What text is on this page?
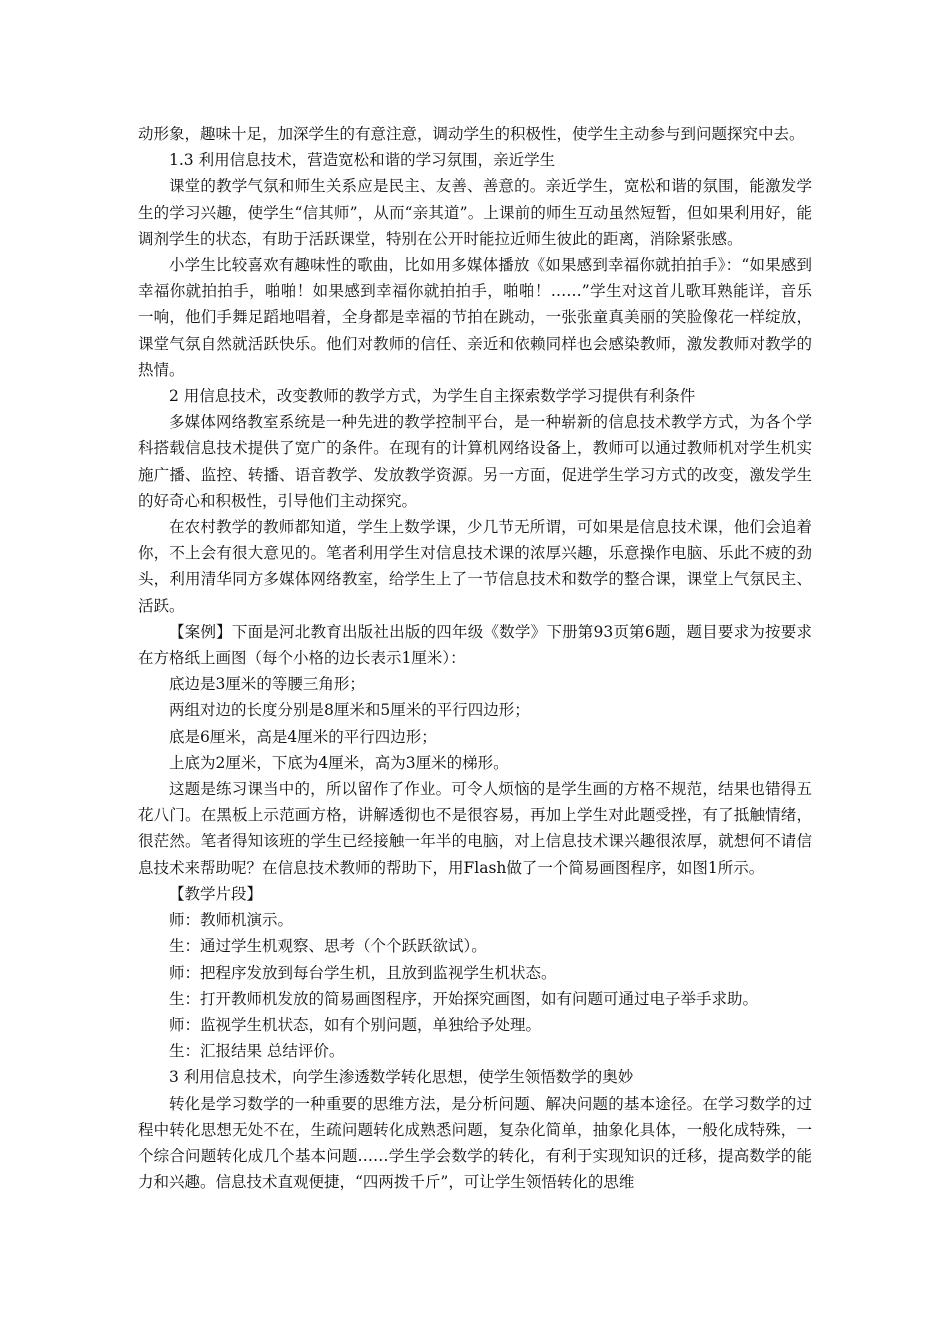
动形象，趣味十足，加深学生的有意注意，调动学生的积极性，使学生主动参与到问题探究中去。

1.3 利用信息技术，营造宽松和谐的学习氛围，亲近学生

课堂的教学气氛和师生关系应是民主、友善、善意的。亲近学生，宽松和谐的氛围，能激发学生的学习兴趣，使学生“信其师”，从而“亲其道”。上课前的师生互动虽然短暂，但如果利用好，能调剂学生的状态，有助于活跃课堂，特别在公开时能拉近师生彼此的距离，消除紧张感。

小学生比较喜欢有趣味性的歌曲，比如用多媒体播放《如果感到幸福你就拍拍手》：“如果感到幸福你就拍拍手，啪啪！如果感到幸福你就拍拍手，啪啪！……”学生对这首儿歌耳熟能详，音乐一响，他们手舞足蹈地唱着，全身都是幸福的节拍在跳动，一张张童真美丽的笑脸像花一样绽放，课堂气氛自然就活跃快乐。他们对教师的信任、亲近和依赖同样也会感染教师，激发教师对教学的热情。

2 用信息技术，改变教师的教学方式，为学生自主探索数学学习提供有利条件

多媒体网络教室系统是一种先进的教学控制平台，是一种崭新的信息技术教学方式，为各个学科搭载信息技术提供了宽广的条件。在现有的计算机网络设备上，教师可以通过教师机对学生机实施广播、监控、转播、语音教学、发放教学资源。另一方面，促进学生学习方式的改变，激发学生的好奇心和积极性，引导他们主动探究。

在农村教学的教师都知道，学生上数学课，少几节无所谓，可如果是信息技术课，他们会追着你，不上会有很大意见的。笔者利用学生对信息技术课的浓厚兴趣，乐意操作电脑、乐此不疲的劲头，利用清华同方多媒体网络教室，给学生上了一节信息技术和数学的整合课，课堂上气氛民主、活跃。

【案例】下面是河北教育出版社出版的四年级《数学》下册第93页第6题，题目要求为按要求在方格纸上画图（每个小格的边长表示1厘米）：

底边是3厘米的等腰三角形；

两组对边的长度分别是8厘米和5厘米的平行四边形；

底是6厘米，高是4厘米的平行四边形；

上底为2厘米，下底为4厘米，高为3厘米的梯形。

这题是练习课当中的，所以留作了作业。可令人烦恼的是学生画的方格不规范，结果也错得五花八门。在黑板上示范画方格，讲解透彻也不是很容易，再加上学生对此题受挫，有了抵触情绪，很茫然。笔者得知该班的学生已经接触一年半的电脑，对上信息技术课兴趣很浓厚，就想何不请信息技术来帮助呢？在信息技术教师的帮助下，用Flash做了一个简易画图程序，如图1所示。

【教学片段】

师：教师机演示。

生：通过学生机观察、思考（个个跃跃欲试）。

师：把程序发放到每台学生机，且放到监视学生机状态。

生：打开教师机发放的简易画图程序，开始探究画图，如有问题可通过电子举手求助。

师：监视学生机状态，如有个别问题，单独给予处理。

生：汇报结果 总结评价。

3 利用信息技术，向学生渗透数学转化思想，使学生领悟数学的奥妙

转化是学习数学的一种重要的思维方法，是分析问题、解决问题的基本途径。在学习数学的过程中转化思想无处不在，生疏问题转化成熟悉问题，复杂化简单，抽象化具体，一般化成特殊，一个综合问题转化成几个基本问题……学生学会数学的转化，有利于实现知识的迁移，提高数学的能力和兴趣。信息技术直观便捷，“四两拨千斤”，可让学生领悟转化的思维
